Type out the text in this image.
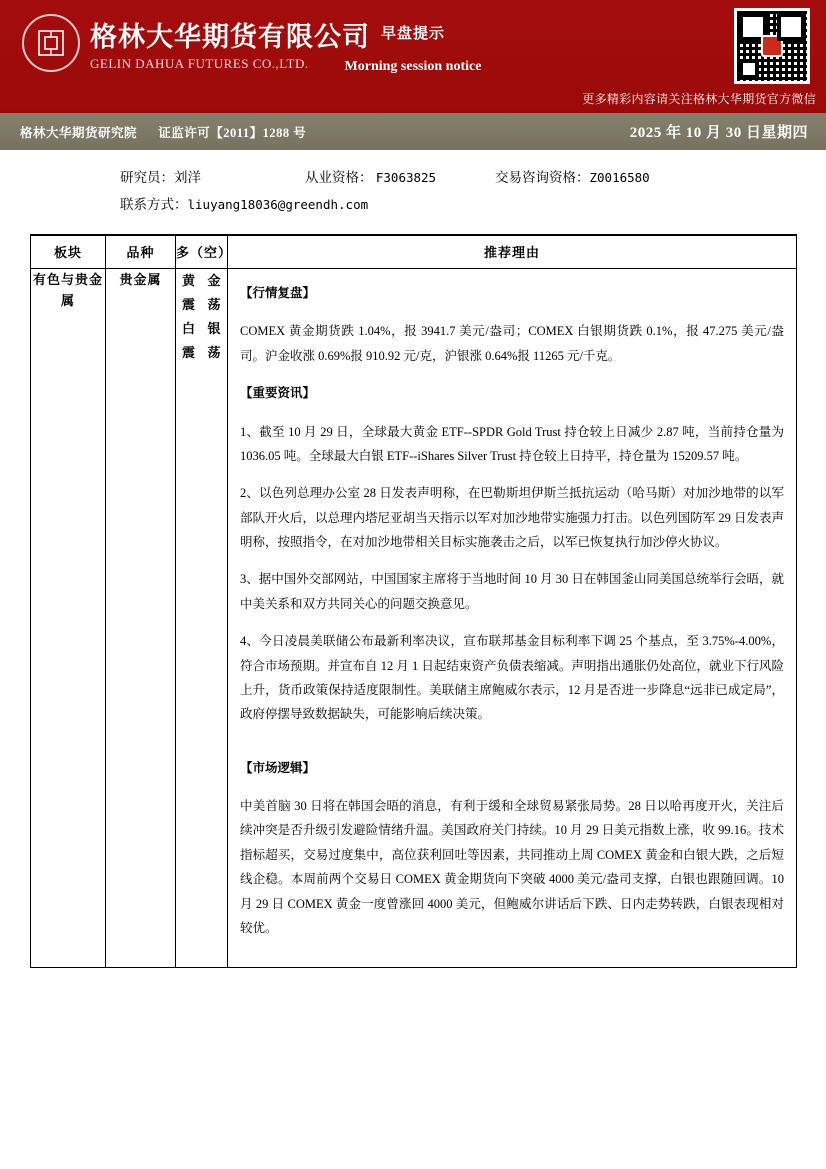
格林大华期货有限公司
GELIN DAHUA FUTURES CO.,LTD.
早盘提示
Morning session notice
更多精彩内容请关注格林大华期货官方微信
格林大华期货研究院 证监许可【2011】1288 号	2025 年 10 月 30 日星期四
研究员：刘洋	从业资格： F3063825	交易咨询资格：Z0016580
联系方式：liuyang18036@greendh.com
板块	品种	多（空）	推荐理由
有色与贵金属	贵金属	黄 金 震 荡
白 银 震 荡

【行情复盘】

COMEX 黄金期货跌 1.04%，报 3941.7 美元/盎司；COMEX 白银期货跌 0.1%，报 47.275 美元/盎司。沪金收涨 0.69%报 910.92 元/克，沪银涨 0.64%报 11265 元/千克。

【重要资讯】

1、截至 10 月 29 日，全球最大黄金 ETF--SPDR Gold Trust 持仓较上日减少 2.87 吨，当前持仓量为 1036.05 吨。全球最大白银 ETF--iShares Silver Trust 持仓较上日持平，持仓量为 15209.57 吨。

2、以色列总理办公室 28 日发表声明称，在巴勒斯坦伊斯兰抵抗运动（哈马斯）对加沙地带的以军部队开火后，以总理内塔尼亚胡当天指示以军对加沙地带实施强力打击。以色列国防军 29 日发表声明称，按照指令，在对加沙地带相关目标实施袭击之后，以军已恢复执行加沙停火协议。

3、据中国外交部网站，中国国家主席将于当地时间 10 月 30 日在韩国釜山同美国总统举行会晤，就中美关系和双方共同关心的问题交换意见。

4、今日凌晨美联储公布最新利率决议，宣布联邦基金目标利率下调 25 个基点，至 3.75%-4.00%，符合市场预期。并宣布自 12 月 1 日起结束资产负债表缩减。声明指出通胀仍处高位，就业下行风险上升，货币政策保持适度限制性。美联储主席鲍威尔表示，12 月是否进一步降息“远非已成定局”，政府停摆导致数据缺失，可能影响后续决策。

【市场逻辑】

中美首脑 30 日将在韩国会晤的消息，有利于缓和全球贸易紧张局势。28 日以哈再度开火，关注后续冲突是否升级引发避险情绪升温。美国政府关门持续。10 月 29 日美元指数上涨，收 99.16。技术指标超买，交易过度集中，高位获利回吐等因素，共同推动上周 COMEX 黄金和白银大跌，之后短线企稳。本周前两个交易日 COMEX 黄金期货向下突破 4000 美元/盎司支撑，白银也跟随回调。10 月 29 日 COMEX 黄金一度曾涨回 4000 美元，但鲍威尔讲话后下跌、日内走势转跌，白银表现相对较优。
